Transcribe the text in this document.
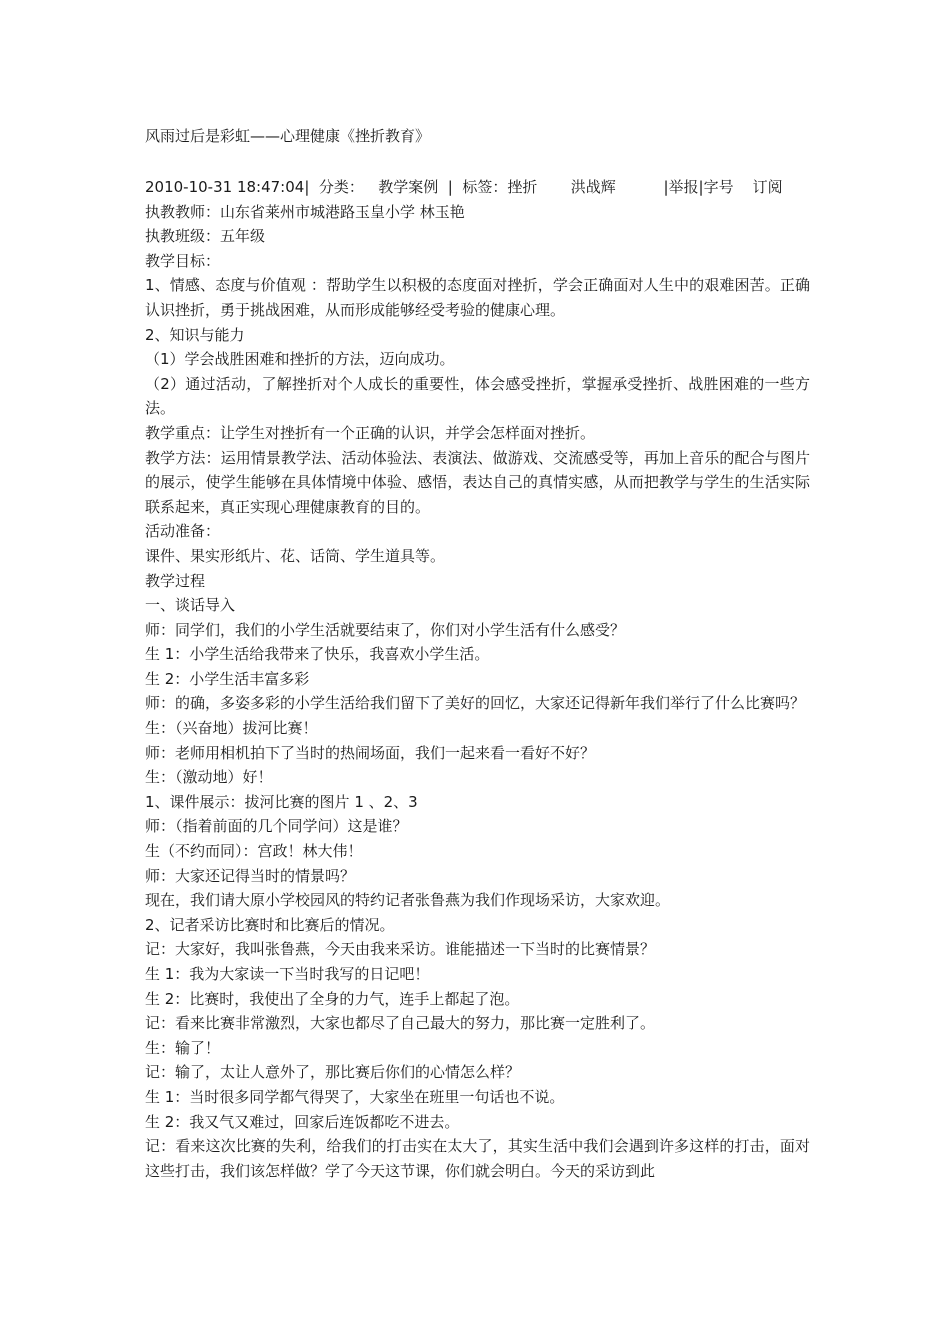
风雨过后是彩虹——心理健康《挫折教育》

2010-10-31 18:47:04|  分类：   教学案例  |  标签：挫折       洪战辉          |举报|字号    订阅

执教教师：山东省莱州市城港路玉皇小学 林玉艳

执教班级：五年级

教学目标：

1、情感、态度与价值观 ：帮助学生以积极的态度面对挫折，学会正确面对人生中的艰难困苦。正确认识挫折，勇于挑战困难，从而形成能够经受考验的健康心理。

2、知识与能力

（1）学会战胜困难和挫折的方法，迈向成功。

（2）通过活动，了解挫折对个人成长的重要性，体会感受挫折，掌握承受挫折、战胜困难的一些方法。

教学重点：让学生对挫折有一个正确的认识，并学会怎样面对挫折。

教学方法：运用情景教学法、活动体验法、表演法、做游戏、交流感受等，再加上音乐的配合与图片的展示，使学生能够在具体情境中体验、感悟，表达自己的真情实感，从而把教学与学生的生活实际联系起来，真正实现心理健康教育的目的。

活动准备：

课件、果实形纸片、花、话筒、学生道具等。

教学过程

一、谈话导入

师：同学们，我们的小学生活就要结束了，你们对小学生活有什么感受？

生 1：小学生活给我带来了快乐，我喜欢小学生活。

生 2：小学生活丰富多彩

师：的确，多姿多彩的小学生活给我们留下了美好的回忆，大家还记得新年我们举行了什么比赛吗？

生：（兴奋地）拔河比赛！

师：老师用相机拍下了当时的热闹场面，我们一起来看一看好不好？

生：（激动地）好！

1、课件展示：拔河比赛的图片 1 、2、3

师：（指着前面的几个同学问）这是谁？

生（不约而同）：宫政！林大伟！

师：大家还记得当时的情景吗？

现在，我们请大原小学校园风的特约记者张鲁燕为我们作现场采访，大家欢迎。

2、记者采访比赛时和比赛后的情况。

记：大家好，我叫张鲁燕，今天由我来采访。谁能描述一下当时的比赛情景？

生 1：我为大家读一下当时我写的日记吧！

生 2：比赛时，我使出了全身的力气，连手上都起了泡。

记：看来比赛非常激烈，大家也都尽了自己最大的努力，那比赛一定胜利了。

生：输了！

记：输了，太让人意外了，那比赛后你们的心情怎么样？

生 1：当时很多同学都气得哭了，大家坐在班里一句话也不说。

生 2：我又气又难过，回家后连饭都吃不进去。

记：看来这次比赛的失利，给我们的打击实在太大了，其实生活中我们会遇到许多这样的打击，面对这些打击，我们该怎样做？学了今天这节课，你们就会明白。今天的采访到此
